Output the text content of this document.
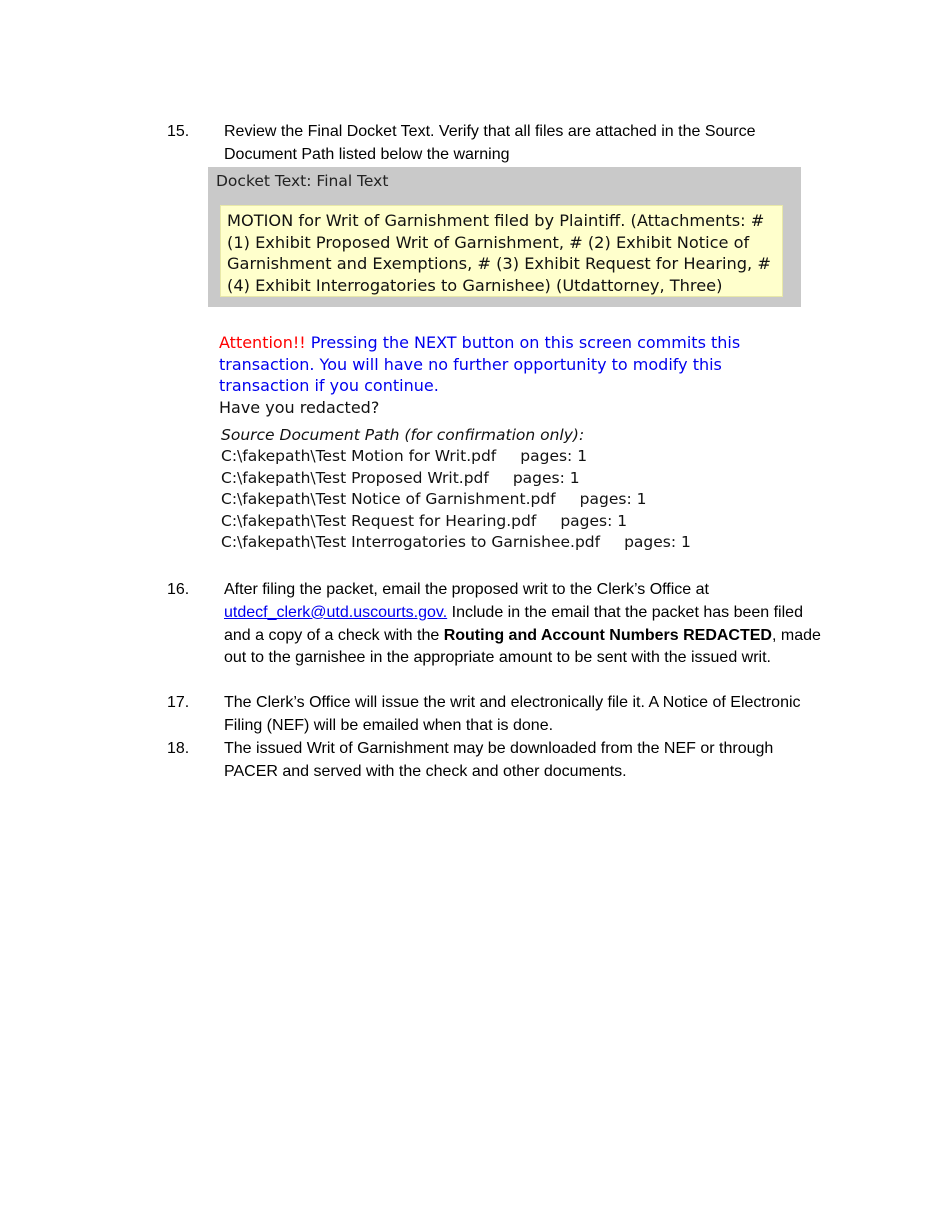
15.	Review the Final Docket Text. Verify that all files are attached in the Source Document Path listed below the warning
Docket Text: Final Text
MOTION for Writ of Garnishment filed by Plaintiff. (Attachments: # (1) Exhibit Proposed Writ of Garnishment, # (2) Exhibit Notice of Garnishment and Exemptions, # (3) Exhibit Request for Hearing, # (4) Exhibit Interrogatories to Garnishee) (Utdattorney, Three)
Attention!! Pressing the NEXT button on this screen commits this transaction. You will have no further opportunity to modify this transaction if you continue.
Have you redacted?
Source Document Path (for confirmation only):
C:\fakepath\Test Motion for Writ.pdf pages: 1
C:\fakepath\Test Proposed Writ.pdf pages: 1
C:\fakepath\Test Notice of Garnishment.pdf pages: 1
C:\fakepath\Test Request for Hearing.pdf pages: 1
C:\fakepath\Test Interrogatories to Garnishee.pdf pages: 1
16.	After filing the packet, email the proposed writ to the Clerk’s Office at utdecf_clerk@utd.uscourts.gov. Include in the email that the packet has been filed and a copy of a check with the Routing and Account Numbers REDACTED, made out to the garnishee in the appropriate amount to be sent with the issued writ.
17.	The Clerk’s Office will issue the writ and electronically file it. A Notice of Electronic Filing (NEF) will be emailed when that is done.
18.	The issued Writ of Garnishment may be downloaded from the NEF or through PACER and served with the check and other documents.
